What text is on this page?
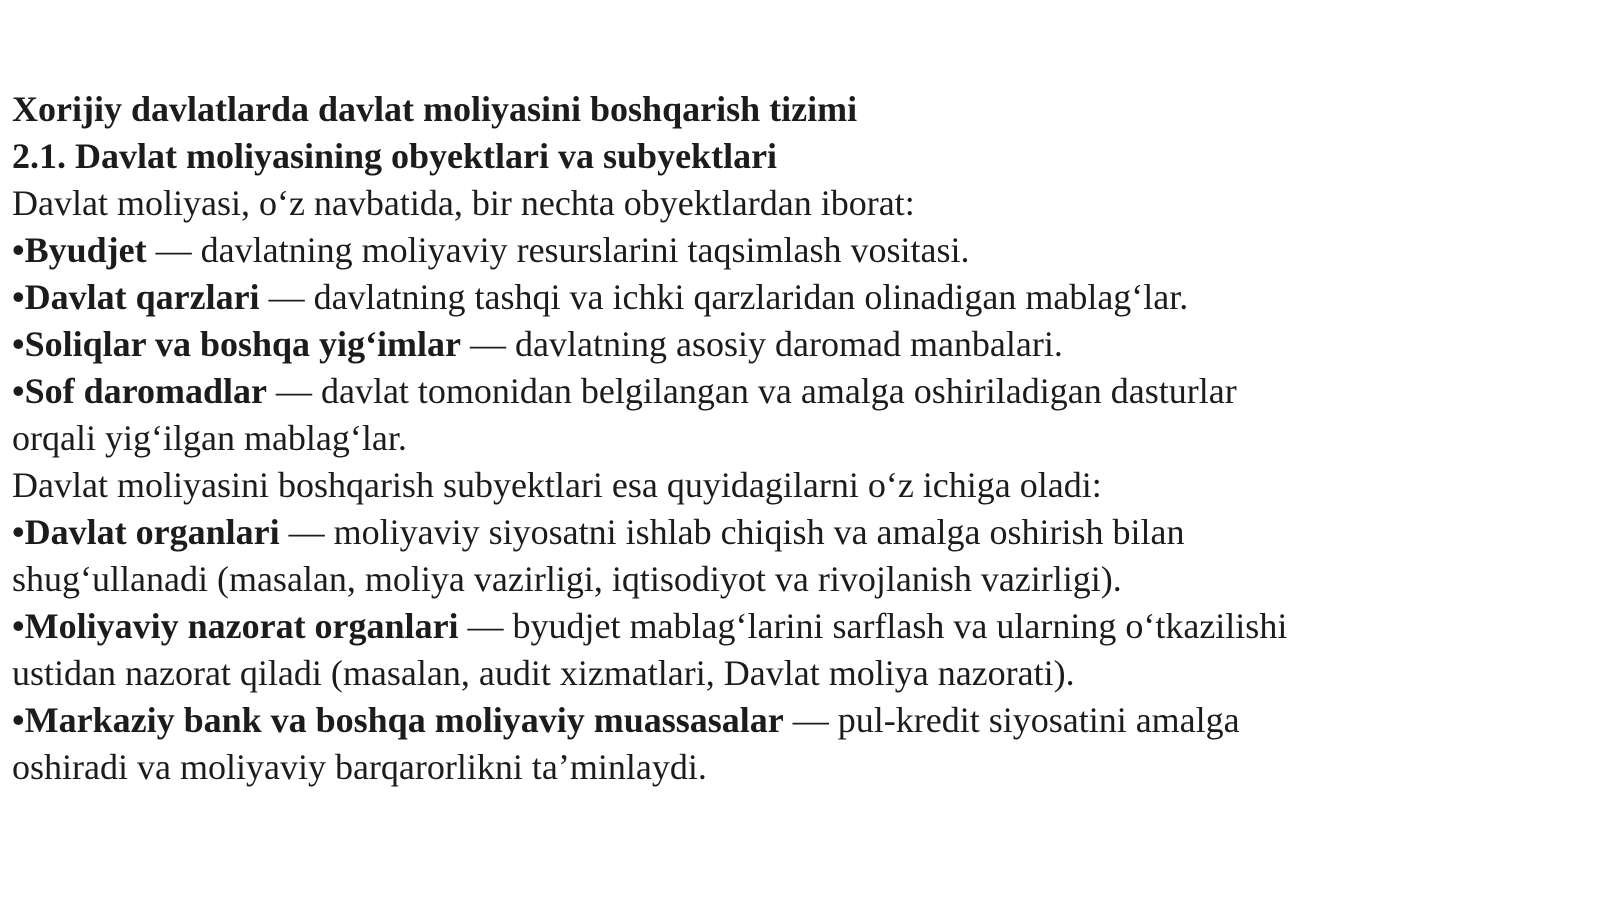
Xorijiy davlatlarda davlat moliyasini boshqarish tizimi
2.1. Davlat moliyasining obyektlari va subyektlari
Davlat moliyasi, oʻz navbatida, bir nechta obyektlardan iborat:
•Byudjet — davlatning moliyaviy resurslarini taqsimlash vositasi.
•Davlat qarzlari — davlatning tashqi va ichki qarzlaridan olinadigan mablagʻlar.
•Soliqlar va boshqa yigʻimlar — davlatning asosiy daromad manbalari.
•Sof daromadlar — davlat tomonidan belgilangan va amalga oshiriladigan dasturlar
orqali yigʻilgan mablagʻlar.
Davlat moliyasini boshqarish subyektlari esa quyidagilarni oʻz ichiga oladi:
•Davlat organlari — moliyaviy siyosatni ishlab chiqish va amalga oshirish bilan
shugʻullanadi (masalan, moliya vazirligi, iqtisodiyot va rivojlanish vazirligi).
•Moliyaviy nazorat organlari — byudjet mablagʻlarini sarflash va ularning oʻtkazilishi
ustidan nazorat qiladi (masalan, audit xizmatlari, Davlat moliya nazorati).
•Markaziy bank va boshqa moliyaviy muassasalar — pul-kredit siyosatini amalga
oshiradi va moliyaviy barqarorlikni taʼminlaydi.
